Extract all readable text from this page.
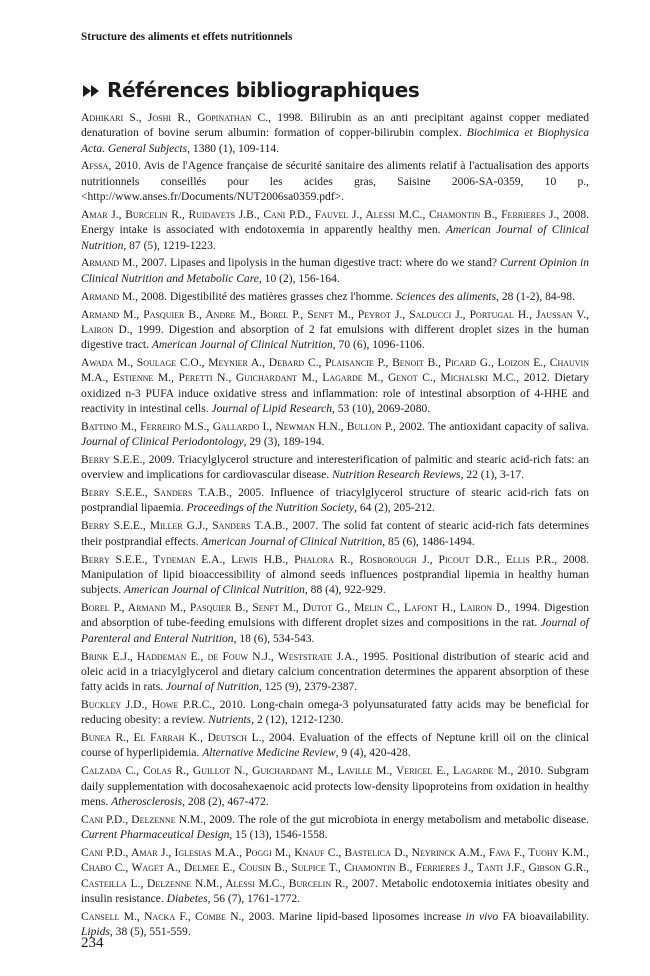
Structure des aliments et effets nutritionnels
Références bibliographiques

Adhikari S., Joshi R., Gopinathan C., 1998. Bilirubin as an anti precipitant against copper mediated denaturation of bovine serum albumin: formation of copper-bilirubin complex. Biochimica et Biophysica Acta. General Subjects, 1380 (1), 109-114.

Afssa, 2010. Avis de l'Agence française de sécurité sanitaire des aliments relatif à l'actualisation des apports nutritionnels conseillés pour les acides gras, Saisine 2006-SA-0359, 10 p., <http://www.anses.fr/Documents/NUT2006sa0359.pdf>.

Amar J., Burcelin R., Ruidavets J.B., Cani P.D., Fauvel J., Alessi M.C., Chamontin B., Ferrieres J., 2008. Energy intake is associated with endotoxemia in apparently healthy men. American Journal of Clinical Nutrition, 87 (5), 1219-1223.

Armand M., 2007. Lipases and lipolysis in the human digestive tract: where do we stand? Current Opinion in Clinical Nutrition and Metabolic Care, 10 (2), 156-164.

Armand M., 2008. Digestibilité des matières grasses chez l'homme. Sciences des aliments, 28 (1-2), 84-98.

Armand M., Pasquier B., Andre M., Borel P., Senft M., Peyrot J., Salducci J., Portugal H., Jaussan V., Lairon D., 1999. Digestion and absorption of 2 fat emulsions with different droplet sizes in the human digestive tract. American Journal of Clinical Nutrition, 70 (6), 1096-1106.

Awada M., Soulage C.O., Meynier A., Debard C., Plaisancie P., Benoit B., Picard G., Loizon E., Chauvin M.A., Estienne M., Peretti N., Guichardant M., Lagarde M., Genot C., Michalski M.C., 2012. Dietary oxidized n-3 PUFA induce oxidative stress and inflammation: role of intestinal absorption of 4-HHE and reactivity in intestinal cells. Journal of Lipid Research, 53 (10), 2069-2080.

Battino M., Ferreiro M.S., Gallardo I., Newman H.N., Bullon P., 2002. The antioxidant capacity of saliva. Journal of Clinical Periodontology, 29 (3), 189-194.

Berry S.E.E., 2009. Triacylglycerol structure and interesterification of palmitic and stearic acid-rich fats: an overview and implications for cardiovascular disease. Nutrition Research Reviews, 22 (1), 3-17.

Berry S.E.E., Sanders T.A.B., 2005. Influence of triacylglycerol structure of stearic acid-rich fats on postprandial lipaemia. Proceedings of the Nutrition Society, 64 (2), 205-212.

Berry S.E.E., Miller G.J., Sanders T.A.B., 2007. The solid fat content of stearic acid-rich fats determines their postprandial effects. American Journal of Clinical Nutrition, 85 (6), 1486-1494.

Berry S.E.E., Tydeman E.A., Lewis H.B., Phalora R., Rosborough J., Picout D.R., Ellis P.R., 2008. Manipulation of lipid bioaccessibility of almond seeds influences postprandial lipemia in healthy human subjects. American Journal of Clinical Nutrition, 88 (4), 922-929.

Borel P., Armand M., Pasquier B., Senft M., Dutot G., Melin C., Lafont H., Lairon D., 1994. Digestion and absorption of tube-feeding emulsions with different droplet sizes and compositions in the rat. Journal of Parenteral and Enteral Nutrition, 18 (6), 534-543.

Brink E.J., Haddeman E., de Fouw N.J., Weststrate J.A., 1995. Positional distribution of stearic acid and oleic acid in a triacylglycerol and dietary calcium concentration determines the apparent absorption of these fatty acids in rats. Journal of Nutrition, 125 (9), 2379-2387.

Buckley J.D., Howe P.R.C., 2010. Long-chain omega-3 polyunsaturated fatty acids may be beneficial for reducing obesity: a review. Nutrients, 2 (12), 1212-1230.

Bunea R., El Farrah K., Deutsch L., 2004. Evaluation of the effects of Neptune krill oil on the clinical course of hyperlipidemia. Alternative Medicine Review, 9 (4), 420-428.

Calzada C., Colas R., Guillot N., Guichardant M., Laville M., Vericel E., Lagarde M., 2010. Subgram daily supplementation with docosahexaenoic acid protects low-density lipoproteins from oxidation in healthy mens. Atherosclerosis, 208 (2), 467-472.

Cani P.D., Delzenne N.M., 2009. The role of the gut microbiota in energy metabolism and metabolic disease. Current Pharmaceutical Design, 15 (13), 1546-1558.

Cani P.D., Amar J., Iglesias M.A., Poggi M., Knauf C., Bastelica D., Neyrinck A.M., Fava F., Tuohy K.M., Chabo C., Waget A., Delmee E., Cousin B., Sulpice T., Chamontin B., Ferrieres J., Tanti J.F., Gibson G.R., Casteilla L., Delzenne N.M., Alessi M.C., Burcelin R., 2007. Metabolic endotoxemia initiates obesity and insulin resistance. Diabetes, 56 (7), 1761-1772.

Cansell M., Nacka F., Combe N., 2003. Marine lipid-based liposomes increase in vivo FA bioavailability. Lipids, 38 (5), 551-559.

234
